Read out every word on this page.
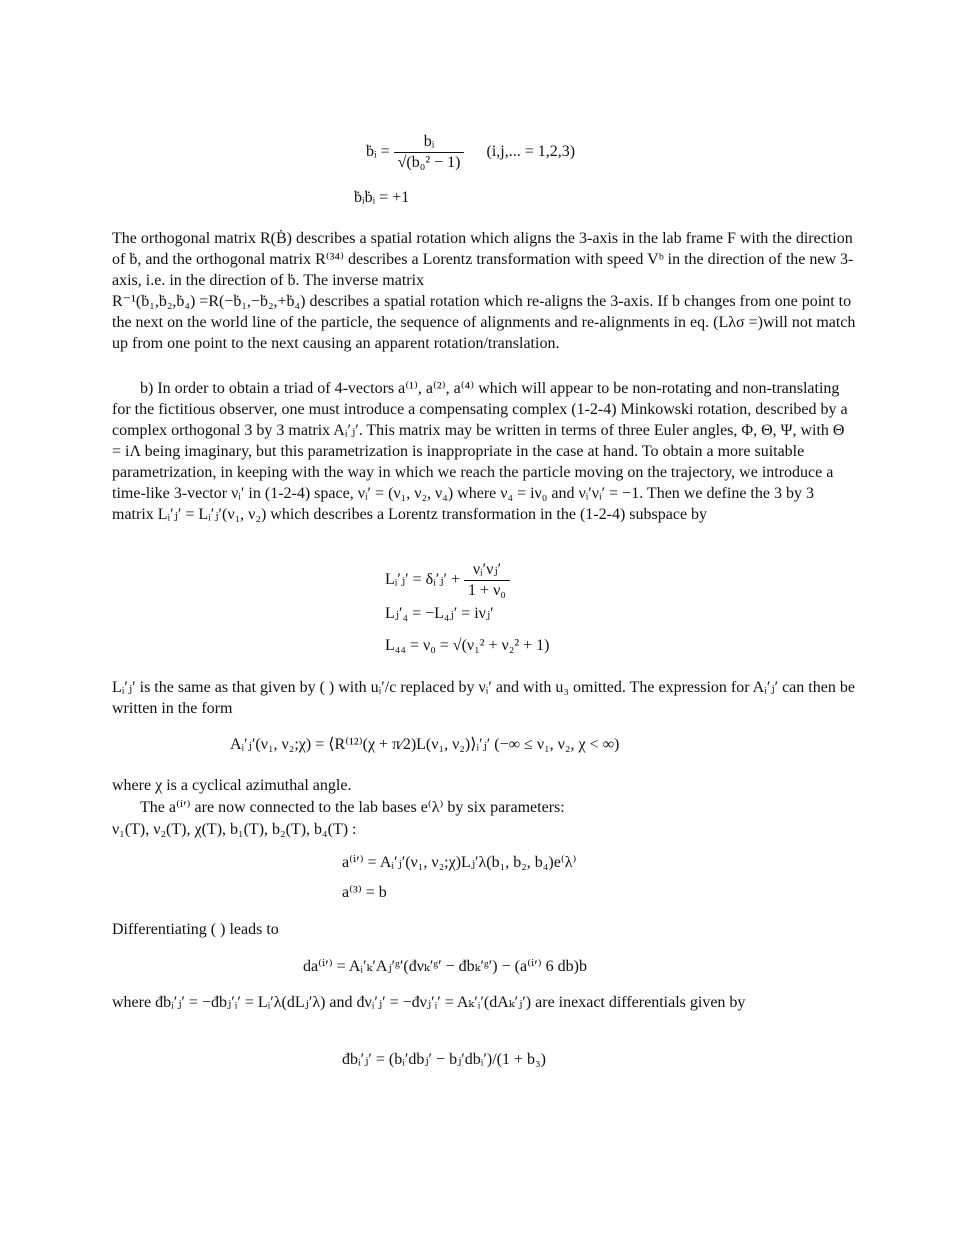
ḃᵢ = $\frac{\text{bᵢ}}{\text{√(b₀² − 1)}} (i,j$,... = 1,2,3)
ḃᵢḃᵢ = +1
The orthogonal matrix R(Ḃ) describes a spatial rotation which aligns the 3-axis in the lab frame F with the direction of ḃ, and the orthogonal matrix R⁽³⁴⁾ describes a Lorentz transformation with speed Vᵇ in the direction of the new 3-axis, i.e. in the direction of ḃ. The inverse matrix
R⁻¹(ḃ₁,ḃ₂,ḃ₄) =R(−ḃ₁,−ḃ₂,+ḃ₄) describes a spatial rotation which re-aligns the 3-axis. If b changes from one point to the next on the world line of the particle, the sequence of alignments and re-alignments in eq. (Lλσ =)will not match up from one point to the next causing an apparent rotation/translation.
b) In order to obtain a triad of 4-vectors a⁽¹⁾, a⁽²⁾, a⁽⁴⁾ which will appear to be non-rotating and non-translating for the fictitious observer, one must introduce a compensating complex (1-2-4) Minkowski rotation, described by a complex orthogonal 3 by 3 matrix Aᵢ′ⱼ′. This matrix may be written in terms of three Euler angles, Φ, Θ, Ψ, with Θ = iΛ being imaginary, but this parametrization is inappropriate in the case at hand. To obtain a more suitable parametrization, in keeping with the way in which we reach the particle moving on the trajectory, we introduce a time-like 3-vector νᵢ′ in (1-2-4) space, νᵢ′ = (ν₁, ν₂, ν₄) where ν₄ = iν₀ and νᵢ′νᵢ′ = −1. Then we define the 3 by 3 matrix Lᵢ′ⱼ′ = Lᵢ′ⱼ′(ν₁, ν₂) which describes a Lorentz transformation in the (1-2-4) subspace by
Lᵢ′ⱼ′ = δᵢ′ⱼ′ + $\frac{\text{νᵢ′νⱼ′}}{\text{1 + ν₀}}$
Lⱼ′₄ = −L₄ⱼ′ = iνⱼ′
L₄₄ = ν₀ = √(ν₁² + ν₂² + 1)
Lᵢ′ⱼ′ is the same as that given by ( ) with uᵢ′/c replaced by νᵢ′ and with u₃ omitted. The expression for Aᵢ′ⱼ′ can then be written in the form
Aᵢ′ⱼ′(ν₁, ν₂;χ) = ⟨R⁽¹²⁾(χ + π⁄2)L(ν₁, ν₂)⟩ᵢ′ⱼ′ (−∞ ≤ ν₁, ν₂, χ < ∞)
where χ is a cyclical azimuthal angle.
The a⁽ⁱ′⁾ are now connected to the lab bases e⁽λ⁾ by six parameters:
ν₁(T), ν₂(T), χ(T), b₁(T), b₂(T), b₄(T) :
a⁽ⁱ′⁾ = Aᵢ′ⱼ′(ν₁, ν₂;χ)Lⱼ′λ(b₁, b₂, b₄)e⁽λ⁾
a⁽³⁾ = b
Differentiating ( ) leads to
da⁽ⁱ′⁾ = Aᵢ′ₖ′Aⱼ′ᵍ′(đνₖ′ᵍ′ − đbₖ′ᵍ′) − (a⁽ⁱ′⁾ 6 db)b
where đbᵢ′ⱼ′ = −đbⱼ′ᵢ′ = Lᵢ′λ(dLⱼ′λ) and đνᵢ′ⱼ′ = −đνⱼ′ᵢ′ = Aₖ′ᵢ′(dAₖ′ⱼ′) are inexact differentials given by
đbᵢ′ⱼ′ = (bᵢ′dbⱼ′ − bⱼ′dbᵢ′)/(1 + b₃)
